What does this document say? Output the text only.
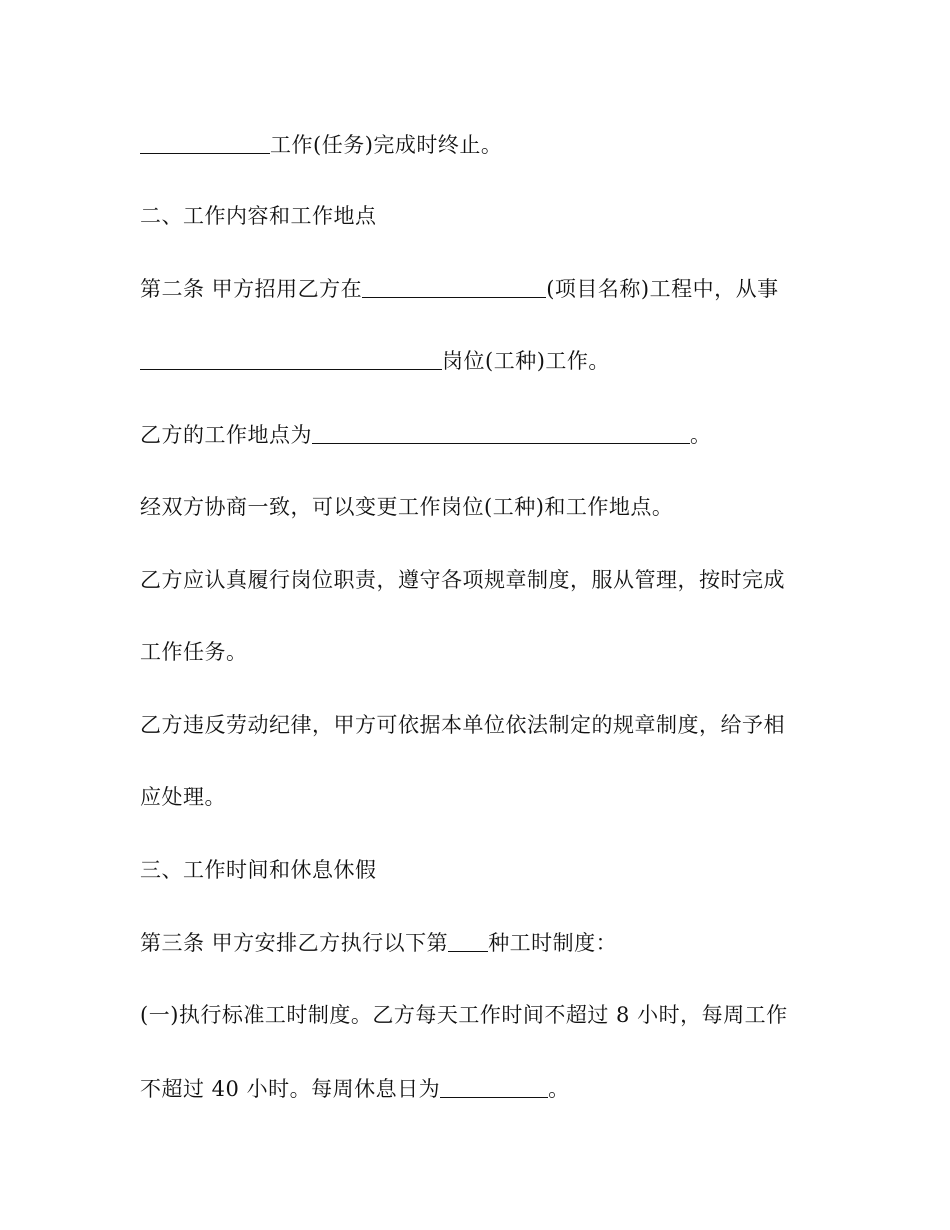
工作(任务)完成时终止。
二、工作内容和工作地点
第二条 甲方招用乙方在	(项目名称)工程中，从事
岗位(工种)工作。
乙方的工作地点为	。
经双方协商一致，可以变更工作岗位(工种)和工作地点。
乙方应认真履行岗位职责，遵守各项规章制度，服从管理，按时完成
工作任务。
乙方违反劳动纪律，甲方可依据本单位依法制定的规章制度，给予相
应处理。
三、工作时间和休息休假
第三条 甲方安排乙方执行以下第 种工时制度：
(一)执行标准工时制度。乙方每天工作时间不超过 8 小时，每周工作
不超过 40 小时。每周休息日为	。
